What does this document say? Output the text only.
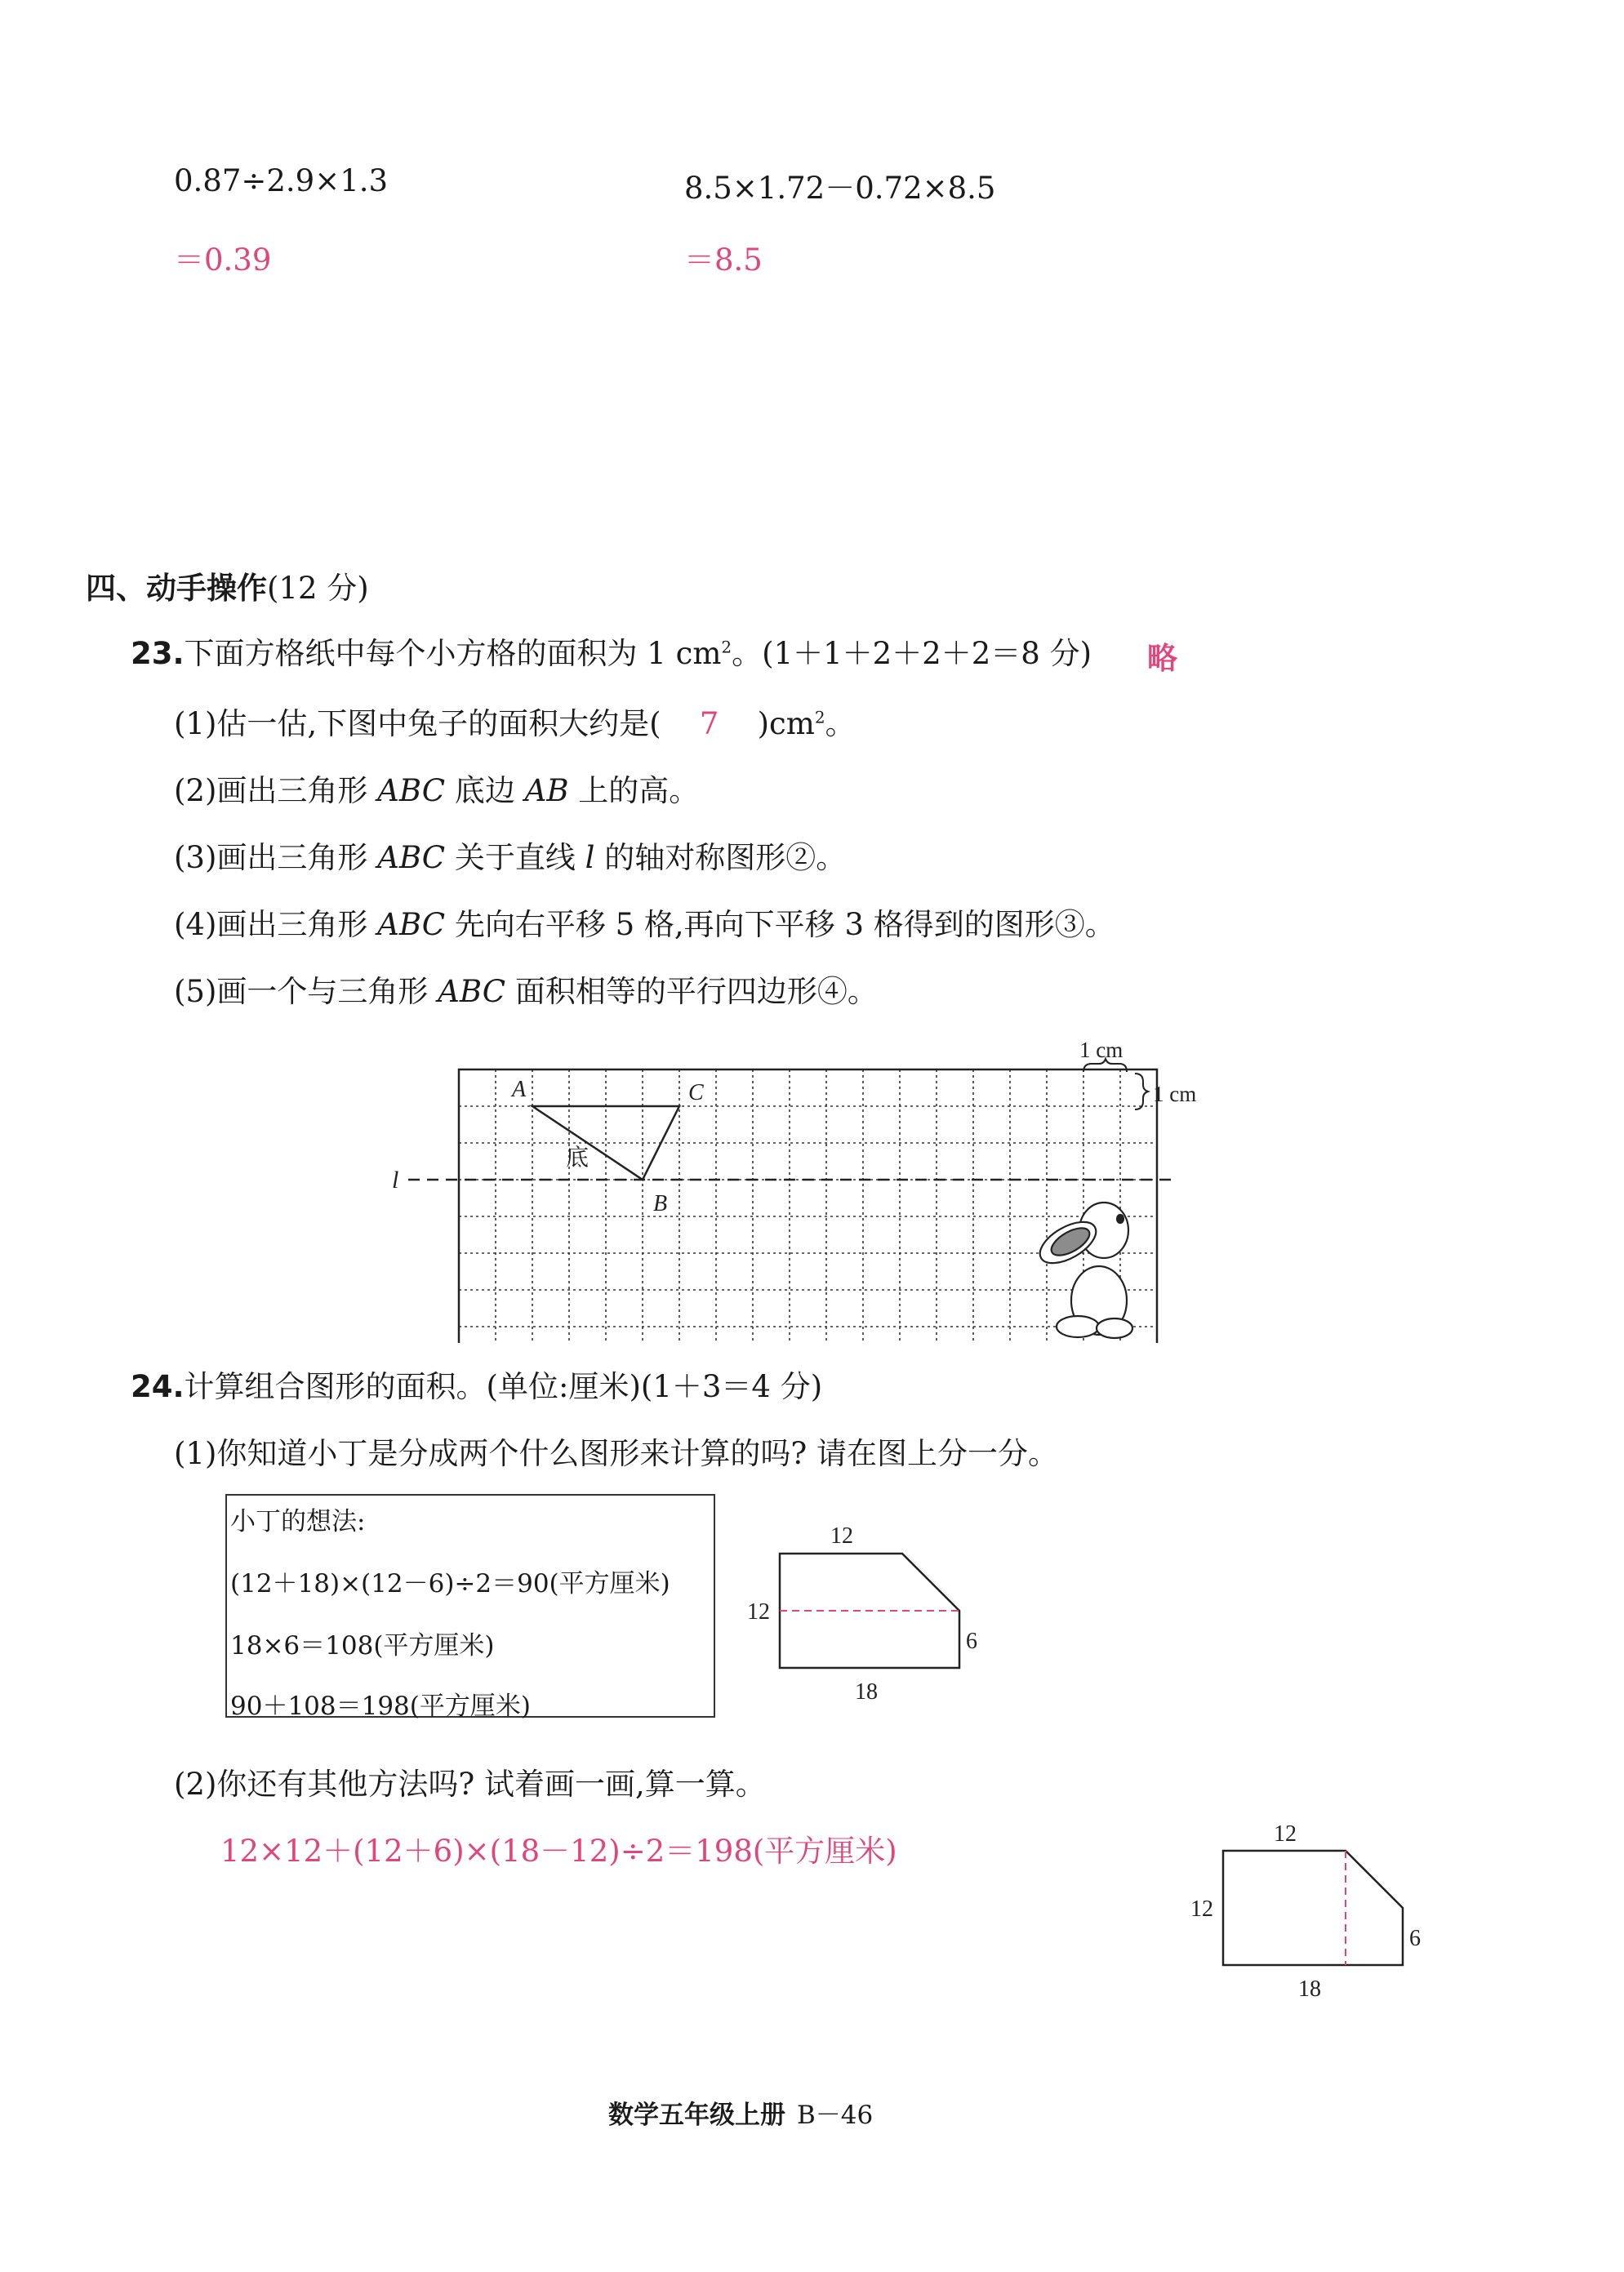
0.87÷2.9×1.3
＝0.39
8.5×1.72－0.72×8.5
＝8.5
四、动手操作(12 分)
23.下面方格纸中每个小方格的面积为 1 $cm^2$。(1＋1＋2＋2＋2＝8 分) 略
(1)估一估,下图中兔子的面积大约是( 7 )$cm^2$。
(2)画出三角形 ABC 底边 AB 上的高。
(3)画出三角形 ABC 关于直线 l 的轴对称图形②。
(4)画出三角形 ABC 先向右平移 5 格,再向下平移 3 格得到的图形③。
(5)画一个与三角形 ABC 面积相等的平行四边形④。
l
A	C
B
底
1 cm
1 cm
24.计算组合图形的面积。(单位:厘米)(1＋3＝4 分)
(1)你知道小丁是分成两个什么图形来计算的吗? 请在图上分一分。
小丁的想法:
(12＋18)×(12－6)÷2＝90(平方厘米)
18×6＝108(平方厘米)
90＋108＝198(平方厘米)
12
12
6
18
(2)你还有其他方法吗? 试着画一画,算一算。
12×12＋(12＋6)×(18－12)÷2＝198(平方厘米)	12
12
6
18
数学五年级上册 B－46
